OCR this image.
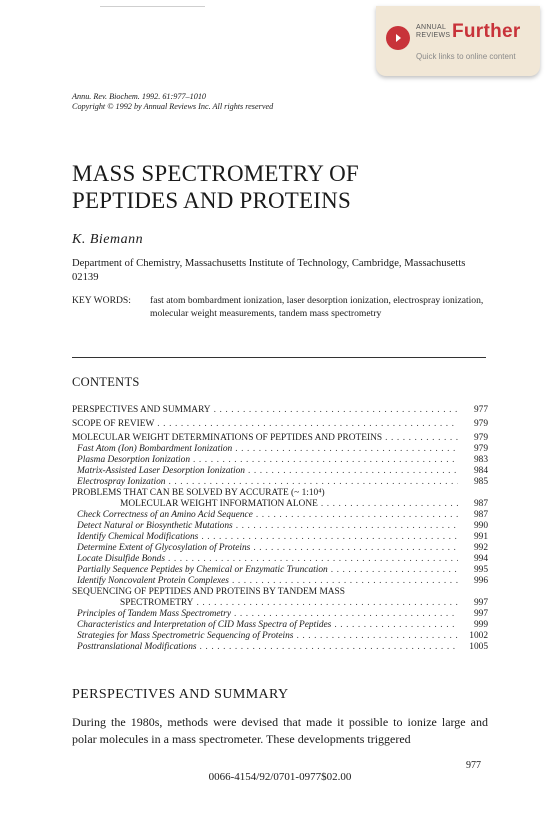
ANNUAL
REVIEWS Further
Quick links to online content
Annu. Rev. Biochem. 1992. 61:977–1010
Copyright © 1992 by Annual Reviews Inc. All rights reserved
MASS SPECTROMETRY OF
PEPTIDES AND PROTEINS
K. Biemann
Department of Chemistry, Massachusetts Institute of Technology, Cambridge, Massachusetts 02139
KEY WORDS: fast atom bombardment ionization, laser desorption ionization, electrospray ionization, molecular weight measurements, tandem mass spectrometry
CONTENTS
PERSPECTIVES AND SUMMARY . . .	977
SCOPE OF REVIEW . . .	979
MOLECULAR WEIGHT DETERMINATIONS OF PEPTIDES AND PROTEINS . . .	979
Fast Atom (Ion) Bombardment Ionization . . .	979
Plasma Desorption Ionization . . .	983
Matrix-Assisted Laser Desorption Ionization . . .	984
Electrospray Ionization . . .	985
PROBLEMS THAT CAN BE SOLVED BY ACCURATE (~ 1:10⁴)
MOLECULAR WEIGHT INFORMATION ALONE . . .	987
Check Correctness of an Amino Acid Sequence . . .	987
Detect Natural or Biosynthetic Mutations . . .	990
Identify Chemical Modifications . . .	991
Determine Extent of Glycosylation of Proteins . . .	992
Locate Disulfide Bonds . . .	994
Partially Sequence Peptides by Chemical or Enzymatic Truncation . . .	995
Identify Noncovalent Protein Complexes . . .	996
SEQUENCING OF PEPTIDES AND PROTEINS BY TANDEM MASS
SPECTROMETRY . . .	997
Principles of Tandem Mass Spectrometry . . .	997
Characteristics and Interpretation of CID Mass Spectra of Peptides . . .	999
Strategies for Mass Spectrometric Sequencing of Proteins . . .	1002
Posttranslational Modifications . . .	1005
PERSPECTIVES AND SUMMARY
During the 1980s, methods were devised that made it possible to ionize large and polar molecules in a mass spectrometer. These developments triggered
977
0066-4154/92/0701-0977$02.00
